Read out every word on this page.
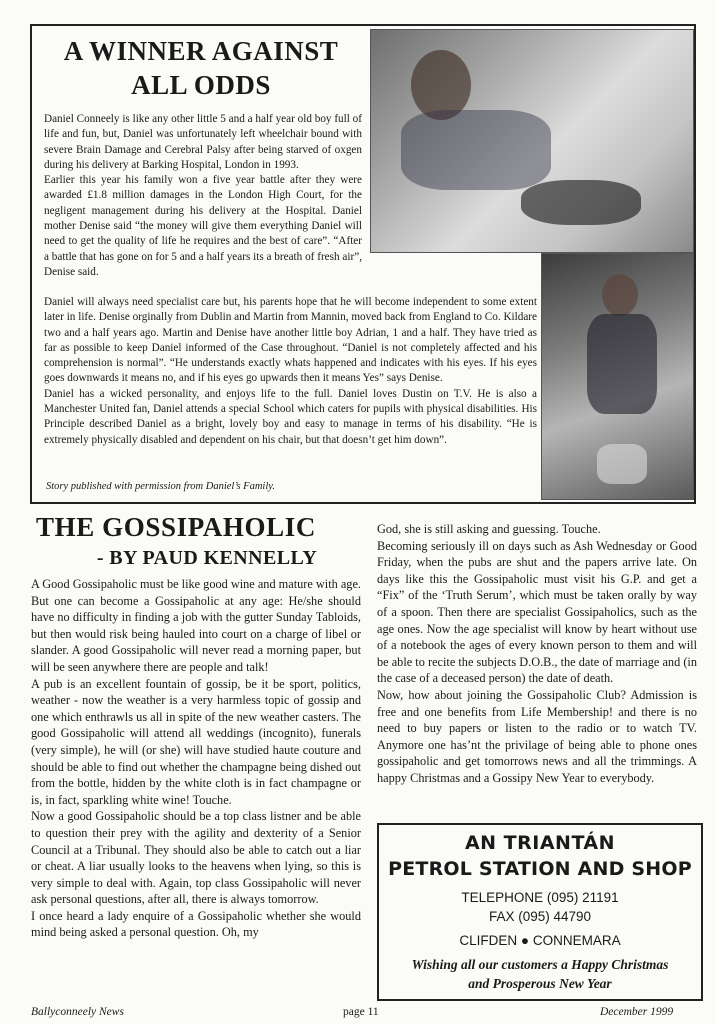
A WINNER AGAINST
ALL ODDS

Daniel Conneely is like any other little 5 and a half year old boy full of life and fun, but, Daniel was unfortunately left wheelchair bound with severe Brain Damage and Cerebral Palsy after being starved of oxgen during his delivery at Barking Hospital, London in 1993.

Earlier this year his family won a five year battle after they were awarded £1.8 million damages in the London High Court, for the negligent management during his delivery at the Hospital. Daniel mother Denise said “the money will give them everything Daniel will need to get the quality of life he requires and the best of care”. “After a battle that has gone on for 5 and a half years its a breath of fresh air”, Denise said.

Daniel will always need specialist care but, his parents hope that he will become independent to some extent later in life. Denise orginally from Dublin and Martin from Mannin, moved back from England to Co. Kildare two and a half years ago. Martin and Denise have another little boy Adrian, 1 and a half. They have tried as far as possible to keep Daniel informed of the Case throughout. “Daniel is not completely affected and his comprehension is normal”. “He understands exactly whats happened and indicates with his eyes. If his eyes goes downwards it means no, and if his eyes go upwards then it means Yes” says Denise.

Daniel has a wicked personality, and enjoys life to the full. Daniel loves Dustin on T.V. He is also a Manchester United fan, Daniel attends a special School which caters for pupils with physical disabilities. His Principle described Daniel as a bright, lovely boy and easy to manage in terms of his disability. “He is extremely physically disabled and dependent on his chair, but that doesn’t get him down”.

Story published with permission from Daniel’s Family.
THE GOSSIPAHOLIC
- BY PAUD KENNELLY

A Good Gossipaholic must be like good wine and mature with age. But one can become a Gossipaholic at any age: He/she should have no difficulty in finding a job with the gutter Sunday Tabloids, but then would risk being hauled into court on a charge of libel or slander. A good Gossipaholic will never read a morning paper, but will be seen anywhere there are people and talk!

A pub is an excellent fountain of gossip, be it be sport, politics, weather - now the weather is a very harmless topic of gossip and one which enthrawls us all in spite of the new weather casters. The good Gossipaholic will attend all weddings (incognito), funerals (very simple), he will (or she) will have studied haute couture and should be able to find out whether the champagne being dished out from the bottle, hidden by the white cloth is in fact champagne or is, in fact, sparkling white wine! Touche.

Now a good Gossipaholic should be a top class listner and be able to question their prey with the agility and dexterity of a Senior Council at a Tribunal. They should also be able to catch out a liar or cheat. A liar usually looks to the heavens when lying, so this is very simple to deal with. Again, top class Gossipaholic will never ask personal questions, after all, there is always tomorrow.

I once heard a lady enquire of a Gossipaholic whether she would mind being asked a personal question. Oh, my

God, she is still asking and guessing. Touche.

Becoming seriously ill on days such as Ash Wednesday or Good Friday, when the pubs are shut and the papers arrive late. On days like this the Gossipaholic must visit his G.P. and get a “Fix” of the ‘Truth Serum’, which must be taken orally by way of a spoon. Then there are specialist Gossipaholics, such as the age ones. Now the age specialist will know by heart without use of a notebook the ages of every known person to them and will be able to recite the subjects D.O.B., the date of marriage and (in the case of a deceased person) the date of death.

Now, how about joining the Gossipaholic Club? Admission is free and one benefits from Life Membership! and there is no need to buy papers or listen to the radio or to watch TV. Anymore one has’nt the privilage of being able to phone ones gossipaholic and get tomorrows news and all the trimmings. A happy Christmas and a Gossipy New Year to everybody.

AN TRIANTÁN
PETROL STATION AND SHOP
TELEPHONE (095) 21191
FAX (095) 44790
CLIFDEN ● CONNEMARA
Wishing all our customers a Happy Christmas
and Prosperous New Year
Ballyconneely News	page 11	December 1999
